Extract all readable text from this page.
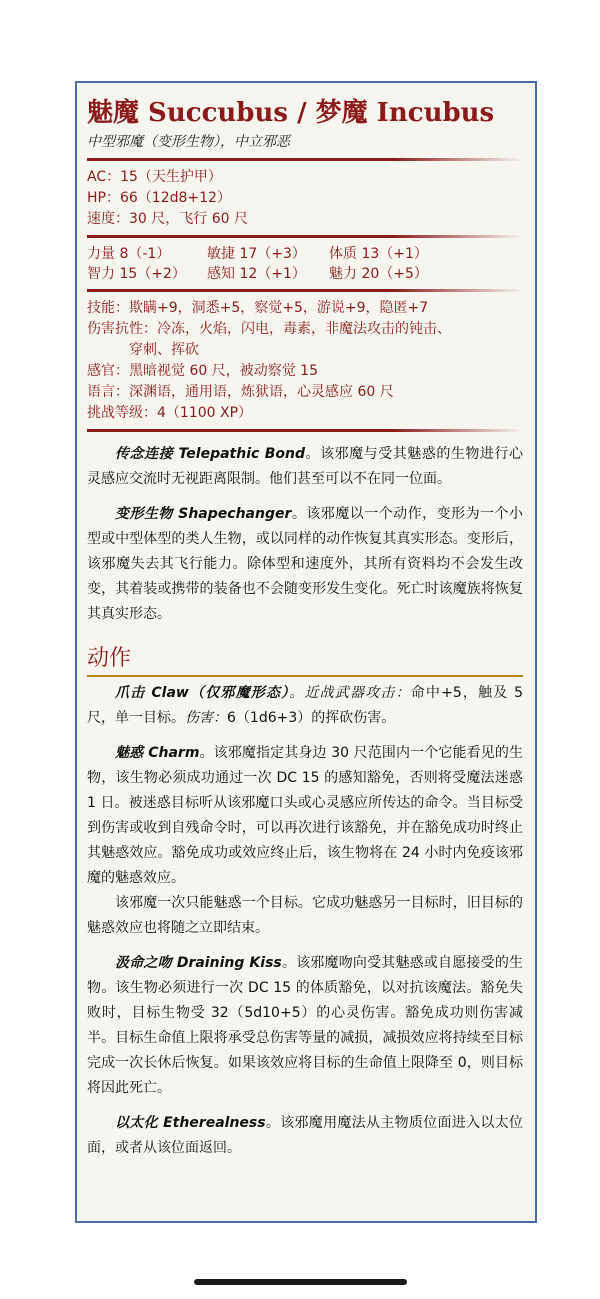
魅魔 Succubus / 梦魔 Incubus
中型邪魔（变形生物），中立邪恶
AC：15（天生护甲）
HP：66（12d8+12）
速度：30 尺，飞行 60 尺
力量 8（-1）	敏捷 17（+3）	体质 13（+1）
智力 15（+2）	感知 12（+1）	魅力 20（+5）
技能：欺瞒+9，洞悉+5，察觉+5，游说+9，隐匿+7
伤害抗性：冷冻，火焰，闪电，毒素，非魔法攻击的钝击、
穿刺、挥砍
感官：黑暗视觉 60 尺，被动察觉 15
语言：深渊语，通用语，炼狱语，心灵感应 60 尺
挑战等级：4（1100 XP）

传念连接 Telepathic Bond。该邪魔与受其魅惑的生物进行心灵感应交流时无视距离限制。他们甚至可以不在同一位面。

变形生物 Shapechanger。该邪魔以一个动作，变形为一个小型或中型体型的类人生物，或以同样的动作恢复其真实形态。变形后，该邪魔失去其飞行能力。除体型和速度外，其所有资料均不会发生改变，其着装或携带的装备也不会随变形发生变化。死亡时该魔族将恢复其真实形态。

动作

爪击 Claw（仅邪魔形态）。近战武器攻击：命中+5，触及 5 尺，单一目标。伤害：6（1d6+3）的挥砍伤害。

魅惑 Charm。该邪魔指定其身边 30 尺范围内一个它能看见的生物，该生物必须成功通过一次 DC 15 的感知豁免，否则将受魔法迷惑 1 日。被迷惑目标听从该邪魔口头或心灵感应所传达的命令。当目标受到伤害或收到自残命令时，可以再次进行该豁免，并在豁免成功时终止其魅惑效应。豁免成功或效应终止后，该生物将在 24 小时内免疫该邪魔的魅惑效应。

该邪魔一次只能魅惑一个目标。它成功魅惑另一目标时，旧目标的魅惑效应也将随之立即结束。

汲命之吻 Draining Kiss。该邪魔吻向受其魅惑或自愿接受的生物。该生物必须进行一次 DC 15 的体质豁免，以对抗该魔法。豁免失败时，目标生物受 32（5d10+5）的心灵伤害。豁免成功则伤害减半。目标生命值上限将承受总伤害等量的减损，减损效应将持续至目标完成一次长休后恢复。如果该效应将目标的生命值上限降至 0，则目标将因此死亡。

以太化 Etherealness。该邪魔用魔法从主物质位面进入以太位面，或者从该位面返回。
